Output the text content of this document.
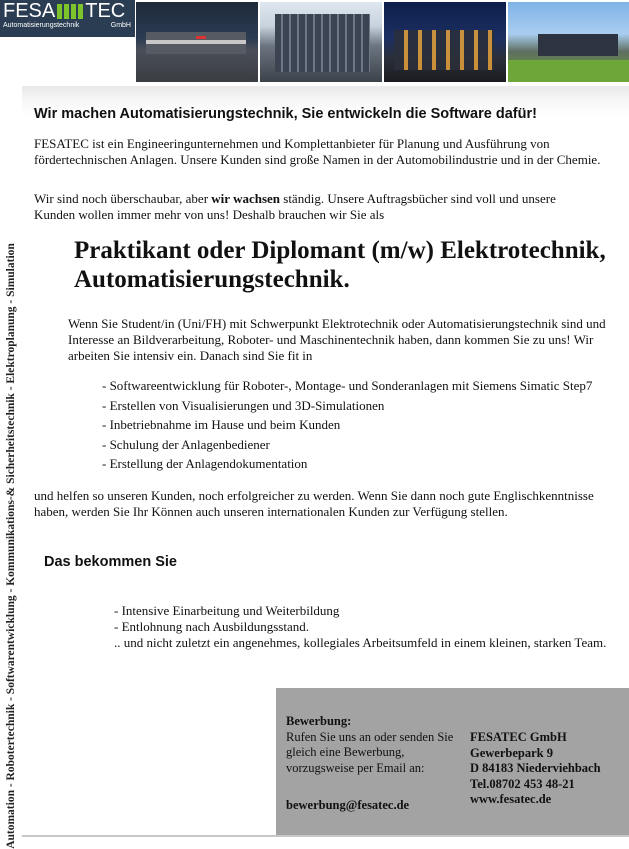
FESA TEC
Automatisierungstechnik	GmbH
Automation - Robotertechnik - Softwarentwicklung - Kommunikations-& Sicherheitstechnik - Elektroplanung - Simulation
Wir machen Automatisierungstechnik, Sie entwickeln die Software dafür!

FESATEC ist ein Engineeringunternehmen und Komplettanbieter für Planung und Ausführung von fördertechnischen Anlagen. Unsere Kunden sind große Namen in der Automobilindustrie und in der Chemie.

Wir sind noch überschaubar, aber wir wachsen ständig. Unsere Auftragsbücher sind voll und unsere Kunden wollen immer mehr von uns! Deshalb brauchen wir Sie als

Praktikant oder Diplomant (m/w) Elektrotechnik, Automatisierungstechnik.

Wenn Sie Student/in (Uni/FH) mit Schwerpunkt Elektrotechnik oder Automatisierungstechnik sind und Interesse an Bildverarbeitung, Roboter- und Maschinentechnik haben, dann kommen Sie zu uns! Wir arbeiten Sie intensiv ein. Danach sind Sie fit in

- Softwareentwicklung für Roboter-, Montage- und Sonderanlagen mit Siemens Simatic Step7
- Erstellen von Visualisierungen und 3D-Simulationen
- Inbetriebnahme im Hause und beim Kunden
- Schulung der Anlagenbediener
- Erstellung der Anlagendokumentation

und helfen so unseren Kunden, noch erfolgreicher zu werden. Wenn Sie dann noch gute Englischkenntnisse haben, werden Sie Ihr Können auch unseren internationalen Kunden zur Verfügung stellen.

Das bekommen Sie
- Intensive Einarbeitung und Weiterbildung
- Entlohnung nach Ausbildungsstand.
.. und nicht zuletzt ein angenehmes, kollegiales Arbeitsumfeld in einem kleinen, starken Team.
Bewerbung:
Rufen Sie uns an oder senden Sie gleich eine Bewerbung, vorzugsweise per Email an:
bewerbung@fesatec.de
FESATEC GmbH
Gewerbepark 9
D 84183 Niederviehbach
Tel.08702 453 48-21
www.fesatec.de
